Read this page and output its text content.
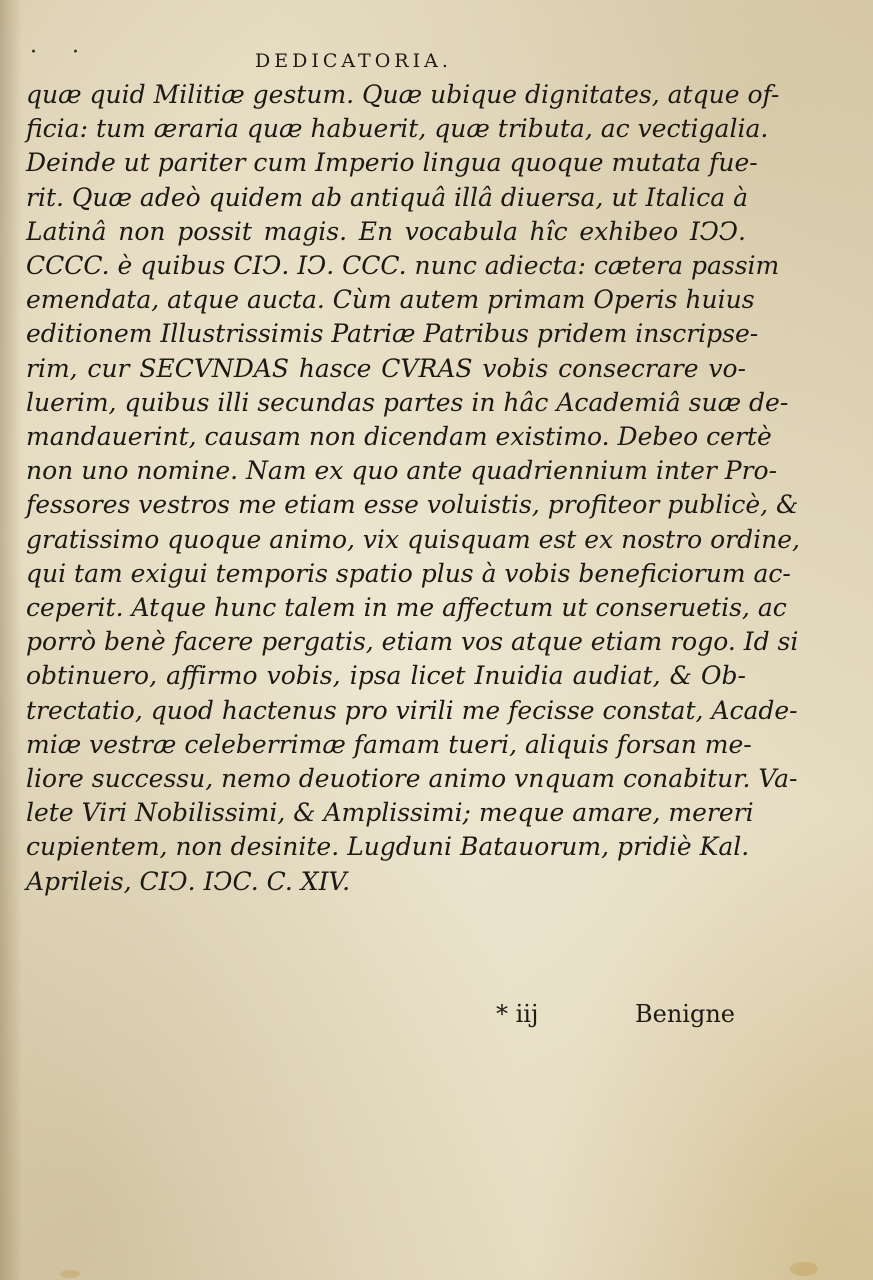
· ·	DEDICATORIA.
quæ quid Militiæ gestum. Quæ ubique dignitates, atque of-
ficia: tum æraria quæ habuerit, quæ tributa, ac vectigalia.
Deinde ut pariter cum Imperio lingua quoque mutata fue-
rit. Quæ adeò quidem ab antiquâ illâ diuersa, ut Italica à
Latinâ non possit magis. En vocabula hîc exhibeo IↃↃ.
CCCC. è quibus CIↃ. IↃ. CCC. nunc adiecta: cætera passim
emendata, atque aucta. Cùm autem primam Operis huius
editionem Illustrissimis Patriæ Patribus pridem inscripse-
rim, cur SECVNDAS hasce CVRAS vobis consecrare vo-
luerim, quibus illi secundas partes in hâc Academiâ suæ de-
mandauerint, causam non dicendam existimo. Debeo certè
non uno nomine. Nam ex quo ante quadriennium inter Pro-
fessores vestros me etiam esse voluistis, profiteor publicè, &
gratissimo quoque animo, vix quisquam est ex nostro ordine,
qui tam exigui temporis spatio plus à vobis beneficiorum ac-
ceperit. Atque hunc talem in me affectum ut conseruetis, ac
porrò benè facere pergatis, etiam vos atque etiam rogo. Id si
obtinuero, affirmo vobis, ipsa licet Inuidia audiat, & Ob-
trectatio, quod hactenus pro virili me fecisse constat, Acade-
miæ vestræ celeberrimæ famam tueri, aliquis forsan me-
liore successu, nemo deuotiore animo vnquam conabitur. Va-
lete Viri Nobilissimi, & Amplissimi; meque amare, mereri
cupientem, non desinite. Lugduni Batauorum, pridiè Kal.
Aprileis, CIↃ. IↃC. C. XIV.
* iij	Benigne
